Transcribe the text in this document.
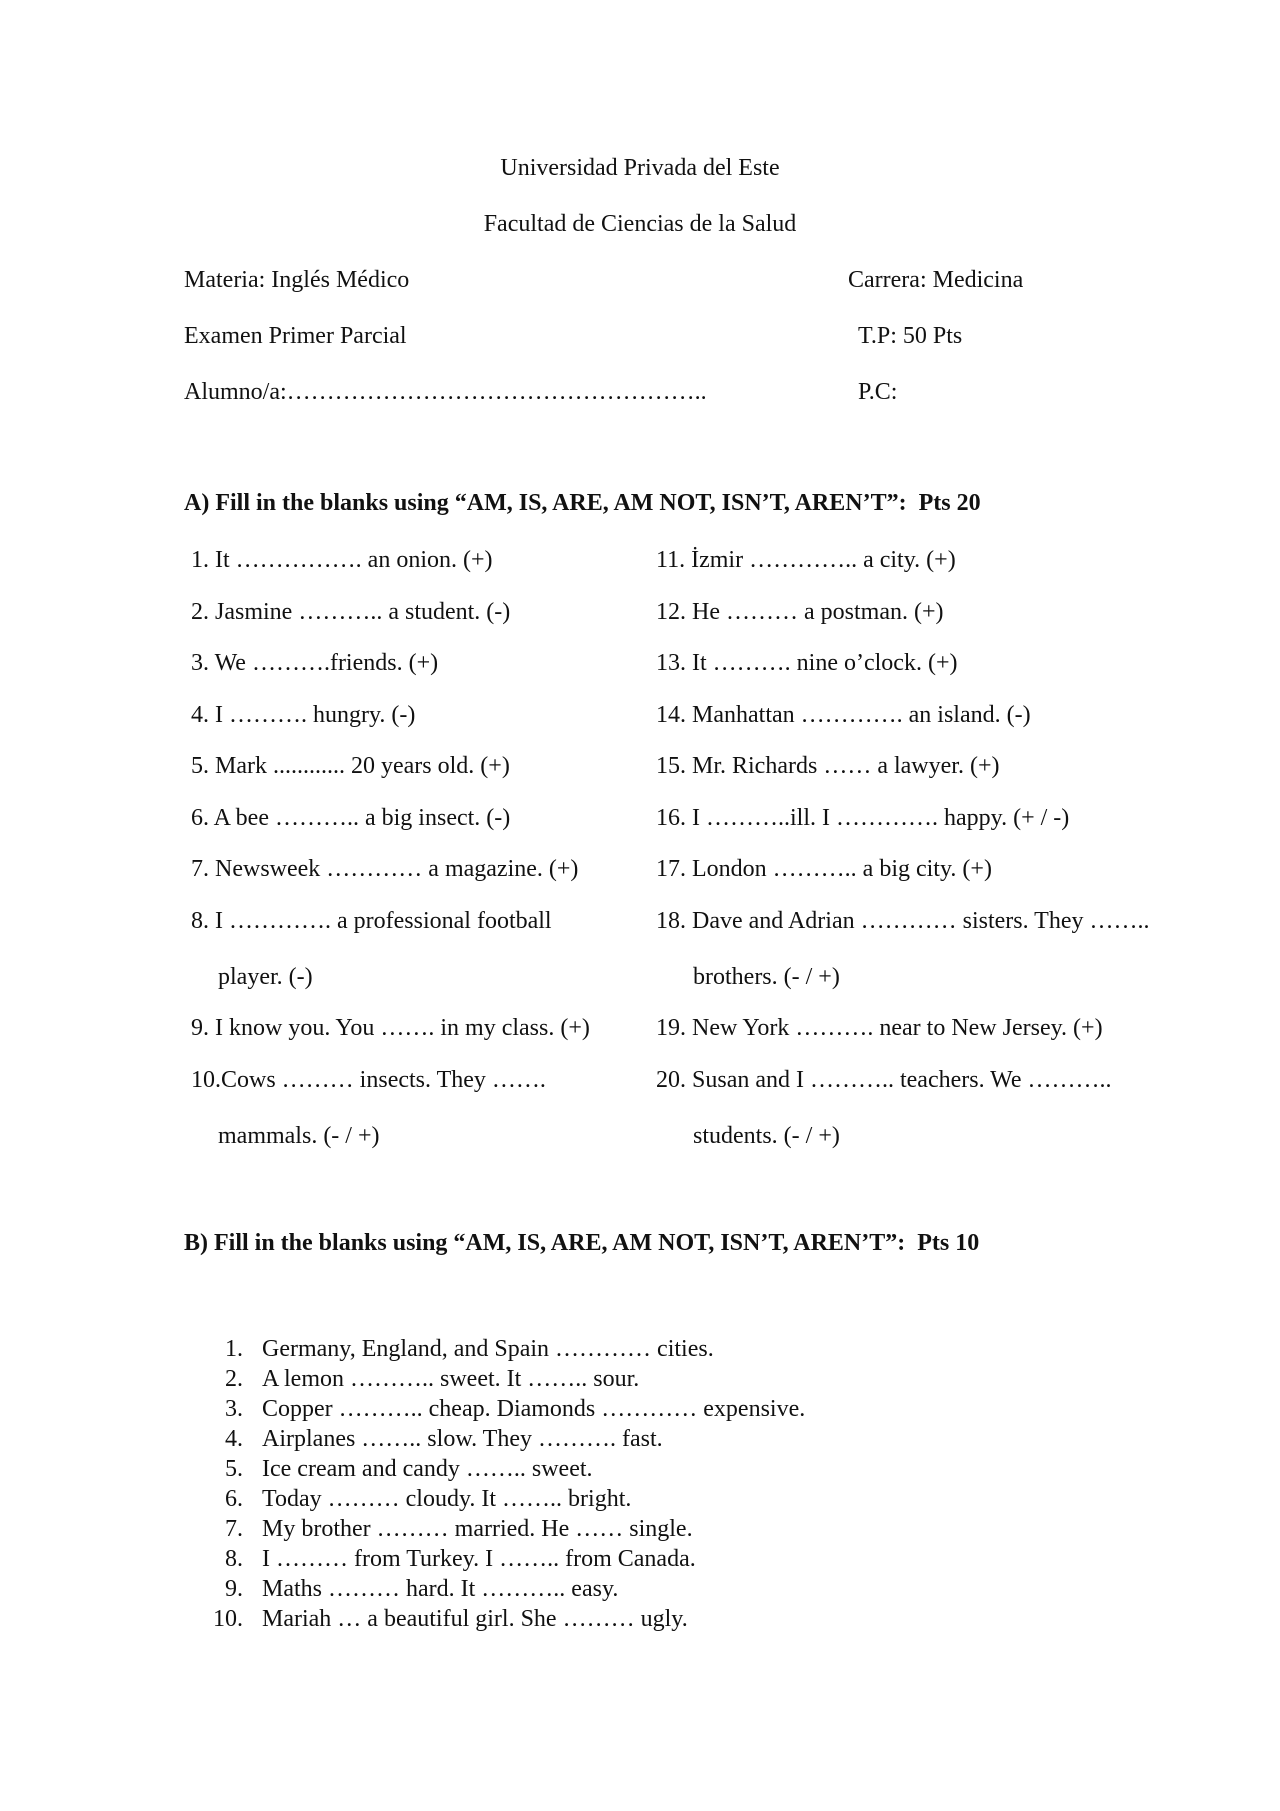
Universidad Privada del Este
Facultad de Ciencias de la Salud
Materia: Inglés Médico	Carrera: Medicina
Examen Primer Parcial	T.P: 50 Pts
Alumno/a:……………………………………………..	P.C:
A) Fill in the blanks using “AM, IS, ARE, AM NOT, ISN’T, AREN’T”: Pts 20
1. It ……………. an onion. (+)
2. Jasmine ……….. a student. (-)
3. We ……….friends. (+)
4. I ………. hungry. (-)
5. Mark ............ 20 years old. (+)
6. A bee ……….. a big insect. (-)
7. Newsweek ………… a magazine. (+)
8. I …………. a professional football
player. (-)
9. I know you. You ……. in my class. (+)
10.Cows ……… insects. They …….
mammals. (- / +)
11. İzmir ………….. a city. (+)
12. He ……… a postman. (+)
13. It ………. nine o’clock. (+)
14. Manhattan …………. an island. (-)
15. Mr. Richards …… a lawyer. (+)
16. I ………..ill. I …………. happy. (+ / -)
17. London ……….. a big city. (+)
18. Dave and Adrian ………… sisters. They ……..
brothers. (- / +)
19. New York ………. near to New Jersey. (+)
20. Susan and I ……….. teachers. We ………..
students. (- / +)
B) Fill in the blanks using “AM, IS, ARE, AM NOT, ISN’T, AREN’T”: Pts 10
1. Germany, England, and Spain ………… cities.
2. A lemon ……….. sweet. It …….. sour.
3. Copper ……….. cheap. Diamonds ………… expensive.
4. Airplanes …….. slow. They ………. fast.
5. Ice cream and candy …….. sweet.
6. Today ……… cloudy. It …….. bright.
7. My brother ……… married. He …… single.
8. I ……… from Turkey. I …….. from Canada.
9. Maths ……… hard. It ……….. easy.
10. Mariah … a beautiful girl. She ……… ugly.
